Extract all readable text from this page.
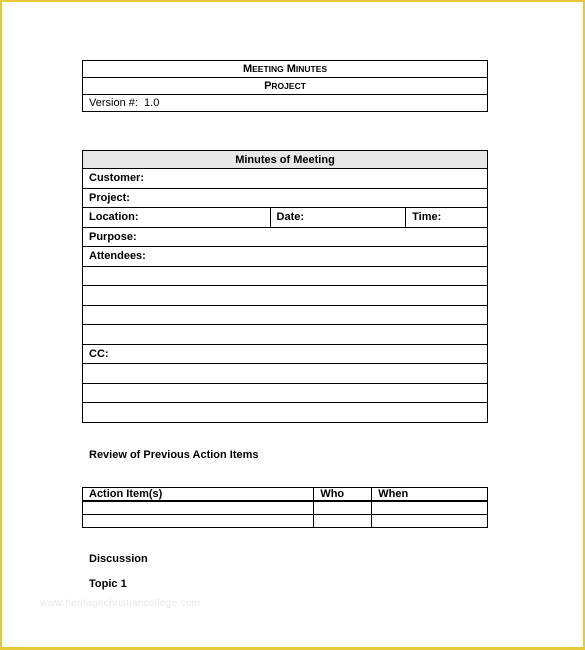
MEETING MINUTES
PROJECT
Version #: 1.0
Minutes of Meeting
Customer:
Project:
Location:	Date:	Time:
Purpose:
Attendees:

CC:

Review of Previous Action Items
Action Item(s)	Who	When

Discussion
Topic 1
www.heritagechristiancollege.com
